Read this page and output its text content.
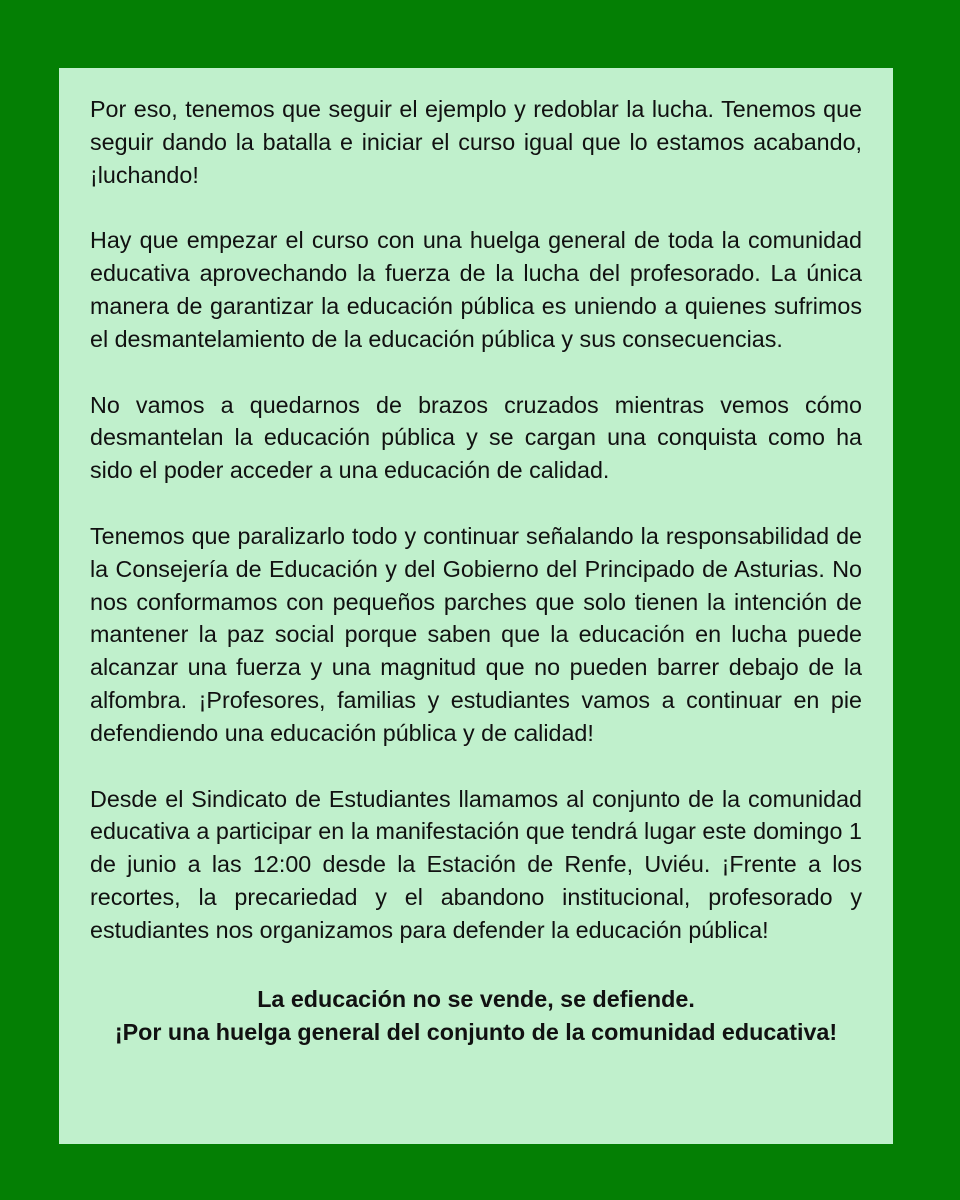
Por eso, tenemos que seguir el ejemplo y redoblar la lucha. Tenemos que seguir dando la batalla e iniciar el curso igual que lo estamos acabando, ¡luchando!

Hay que empezar el curso con una huelga general de toda la comunidad educativa aprovechando la fuerza de la lucha del profesorado. La única manera de garantizar la educación pública es uniendo a quienes sufrimos el desmantelamiento de la educación pública y sus consecuencias.

No vamos a quedarnos de brazos cruzados mientras vemos cómo desmantelan la educación pública y se cargan una conquista como ha sido el poder acceder a una educación de calidad.

Tenemos que paralizarlo todo y continuar señalando la responsabilidad de la Consejería de Educación y del Gobierno del Principado de Asturias. No nos conformamos con pequeños parches que solo tienen la intención de mantener la paz social porque saben que la educación en lucha puede alcanzar una fuerza y una magnitud que no pueden barrer debajo de la alfombra. ¡Profesores, familias y estudiantes vamos a continuar en pie defendiendo una educación pública y de calidad!

Desde el Sindicato de Estudiantes llamamos al conjunto de la comunidad educativa a participar en la manifestación que tendrá lugar este domingo 1 de junio a las 12:00 desde la Estación de Renfe, Uviéu. ¡Frente a los recortes, la precariedad y el abandono institucional, profesorado y estudiantes nos organizamos para defender la educación pública!

La educación no se vende, se defiende.
¡Por una huelga general del conjunto de la comunidad educativa!
